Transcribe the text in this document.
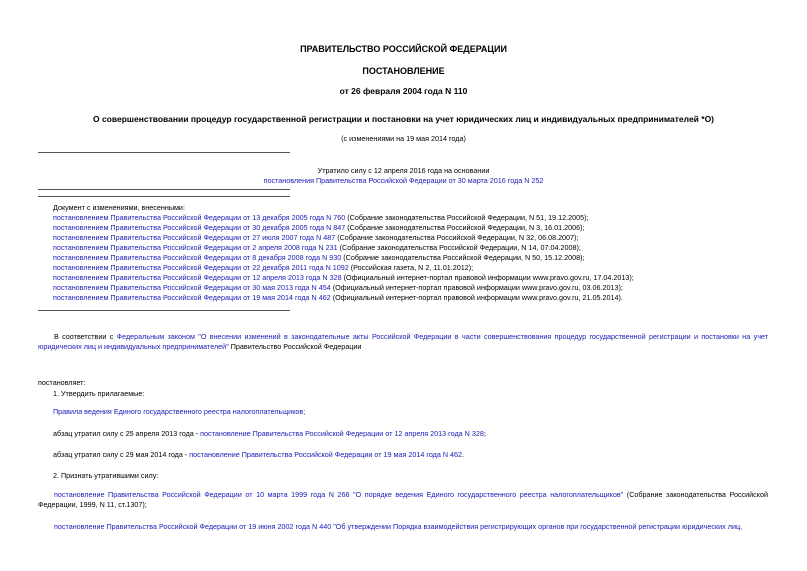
ПРАВИТЕЛЬСТВО РОССИЙСКОЙ ФЕДЕРАЦИИ
ПОСТАНОВЛЕНИЕ
от 26 февраля 2004 года N 110
О совершенствовании процедур государственной регистрации и постановки на учет юридических лиц и индивидуальных предпринимателей *О)
(с изменениями на 19 мая 2014 года)
Утратило силу с 12 апреля 2016 года на основании
постановления Правительства Российской Федерации от 30 марта 2016 года N 252
Документ с изменениями, внесенными:
постановлением Правительства Российской Федерации от 13 декабря 2005 года N 760 (Собрание законодательства Российской Федерации, N 51, 19.12.2005);
постановлением Правительства Российской Федерации от 30 декабря 2005 года N 847 (Собрание законодательства Российской Федерации, N 3, 16.01.2006);
постановлением Правительства Российской Федерации от 27 июля 2007 года N 487 (Собрание законодательства Российской Федерации, N 32, 06.08.2007);
постановлением Правительства Российской Федерации от 2 апреля 2008 года N 231 (Собрание законодательства Российской Федерации, N 14, 07.04.2008);
постановлением Правительства Российской Федерации от 8 декабря 2008 года N 930 (Собрание законодательства Российской Федерации, N 50, 15.12.2008);
постановлением Правительства Российской Федерации от 22 декабря 2011 года N 1092 (Российская газета, N 2, 11.01.2012);
постановлением Правительства Российской Федерации от 12 апреля 2013 года N 328 (Официальный интернет-портал правовой информации www.pravo.gov.ru, 17.04.2013);
постановлением Правительства Российской Федерации от 30 мая 2013 года N 454 (Официальный интернет-портал правовой информации www.pravo.gov.ru, 03.06.2013);
постановлением Правительства Российской Федерации от 19 мая 2014 года N 462 (Официальный интернет-портал правовой информации www.pravo.gov.ru, 21.05.2014).
В соответствии с Федеральным законом "О внесении изменений в законодательные акты Российской Федерации в части совершенствования процедур государственной регистрации и постановки на учет юридических лиц и индивидуальных предпринимателей" Правительство Российской Федерации
постановляет:
1. Утвердить прилагаемые:
Правила ведения Единого государственного реестра налогоплательщиков;
абзац утратил силу с 25 апреля 2013 года - постановление Правительства Российской Федерации от 12 апреля 2013 года N 328;
абзац утратил силу с 29 мая 2014 года - постановление Правительства Российской Федерации от 19 мая 2014 года N 462.
2. Признать утратившими силу:
постановление Правительства Российской Федерации от 10 марта 1999 года N 266 "О порядке ведения Единого государственного реестра налогоплательщиков" (Собрание законодательства Российской Федерации, 1999, N 11, ст.1307);
постановление Правительства Российской Федерации от 19 июня 2002 года N 440 "Об утверждении Порядка взаимодействия регистрирующих органов при государственной регистрации юридических лиц,
